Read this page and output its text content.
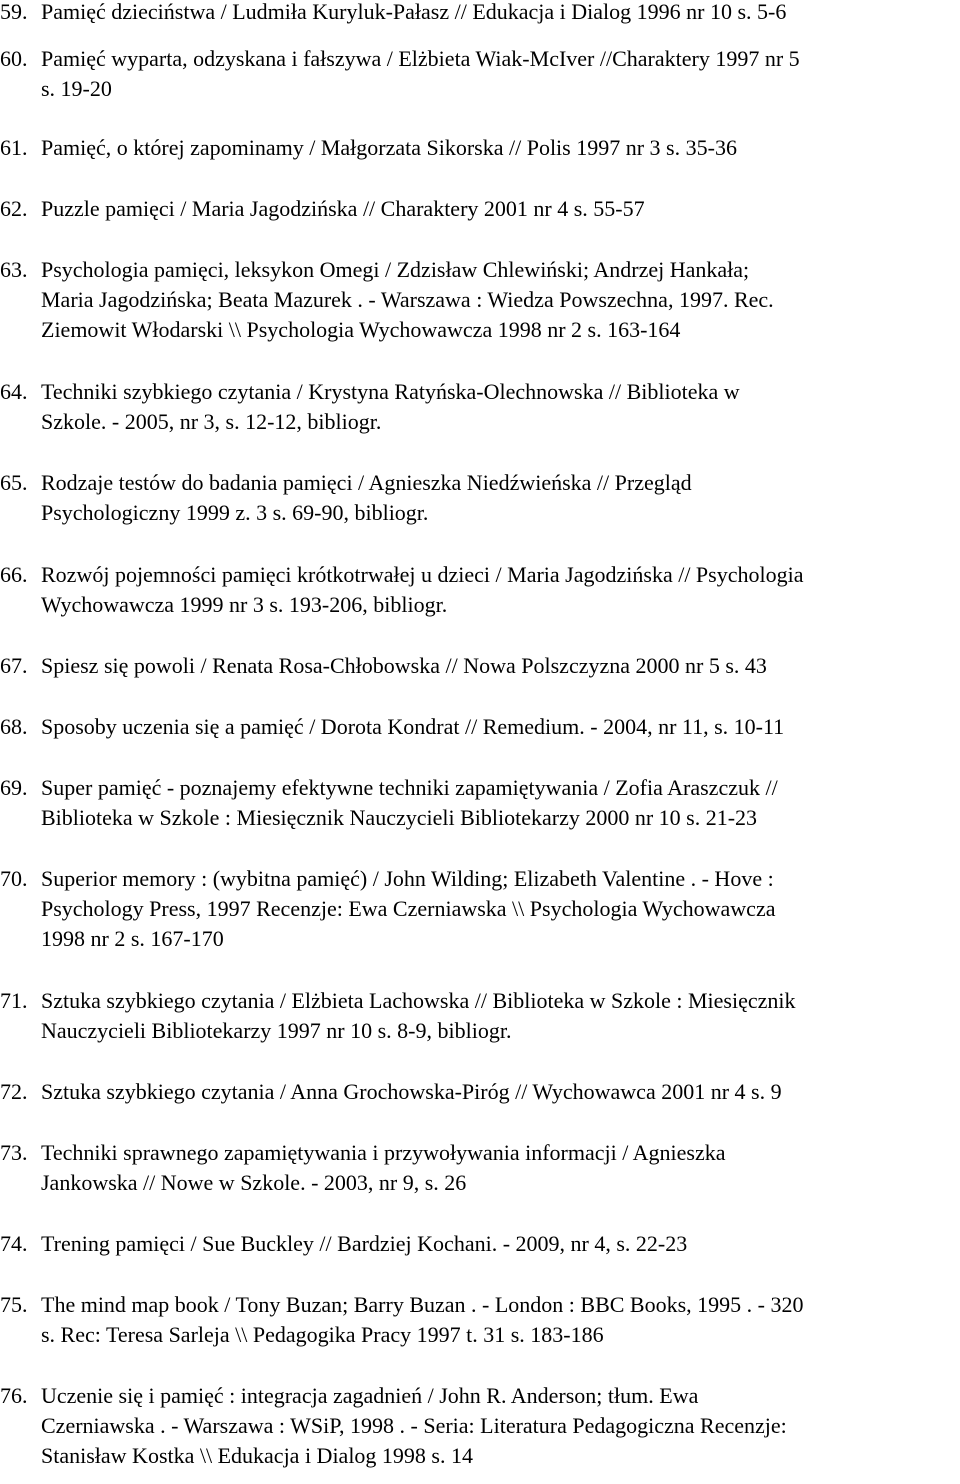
59. Pamięć dzieciństwa / Ludmiła Kuryluk-Pałasz // Edukacja i Dialog 1996 nr 10 s. 5-6
60. Pamięć wyparta, odzyskana i fałszywa / Elżbieta Wiak-McIver //Charaktery 1997 nr 5
s. 19-20
61. Pamięć, o której zapominamy / Małgorzata Sikorska // Polis 1997 nr 3 s. 35-36
62. Puzzle pamięci / Maria Jagodzińska // Charaktery 2001 nr 4 s. 55-57
63. Psychologia pamięci, leksykon Omegi / Zdzisław Chlewiński; Andrzej Hankała;
Maria Jagodzińska; Beata Mazurek . - Warszawa : Wiedza Powszechna, 1997. Rec.
Ziemowit Włodarski \\ Psychologia Wychowawcza 1998 nr 2 s. 163-164
64. Techniki szybkiego czytania / Krystyna Ratyńska-Olechnowska // Biblioteka w
Szkole. - 2005, nr 3, s. 12-12, bibliogr.
65. Rodzaje testów do badania pamięci / Agnieszka Niedźwieńska // Przegląd
Psychologiczny 1999 z. 3 s. 69-90, bibliogr.
66. Rozwój pojemności pamięci krótkotrwałej u dzieci / Maria Jagodzińska // Psychologia
Wychowawcza 1999 nr 3 s. 193-206, bibliogr.
67. Spiesz się powoli / Renata Rosa-Chłobowska // Nowa Polszczyzna 2000 nr 5 s. 43
68. Sposoby uczenia się a pamięć / Dorota Kondrat // Remedium. - 2004, nr 11, s. 10-11
69. Super pamięć - poznajemy efektywne techniki zapamiętywania / Zofia Araszczuk //
Biblioteka w Szkole : Miesięcznik Nauczycieli Bibliotekarzy 2000 nr 10 s. 21-23
70. Superior memory : (wybitna pamięć) / John Wilding; Elizabeth Valentine . - Hove :
Psychology Press, 1997 Recenzje: Ewa Czerniawska \\ Psychologia Wychowawcza
1998 nr 2 s. 167-170
71. Sztuka szybkiego czytania / Elżbieta Lachowska // Biblioteka w Szkole : Miesięcznik
Nauczycieli Bibliotekarzy 1997 nr 10 s. 8-9, bibliogr.
72. Sztuka szybkiego czytania / Anna Grochowska-Piróg // Wychowawca 2001 nr 4 s. 9
73. Techniki sprawnego zapamiętywania i przywoływania informacji / Agnieszka
Jankowska // Nowe w Szkole. - 2003, nr 9, s. 26
74. Trening pamięci / Sue Buckley // Bardziej Kochani. - 2009, nr 4, s. 22-23
75. The mind map book / Tony Buzan; Barry Buzan . - London : BBC Books, 1995 . - 320
s. Rec: Teresa Sarleja \\ Pedagogika Pracy 1997 t. 31 s. 183-186
76. Uczenie się i pamięć : integracja zagadnień / John R. Anderson; tłum. Ewa
Czerniawska . - Warszawa : WSiP, 1998 . - Seria: Literatura Pedagogiczna Recenzje:
Stanisław Kostka \\ Edukacja i Dialog 1998 s. 14
